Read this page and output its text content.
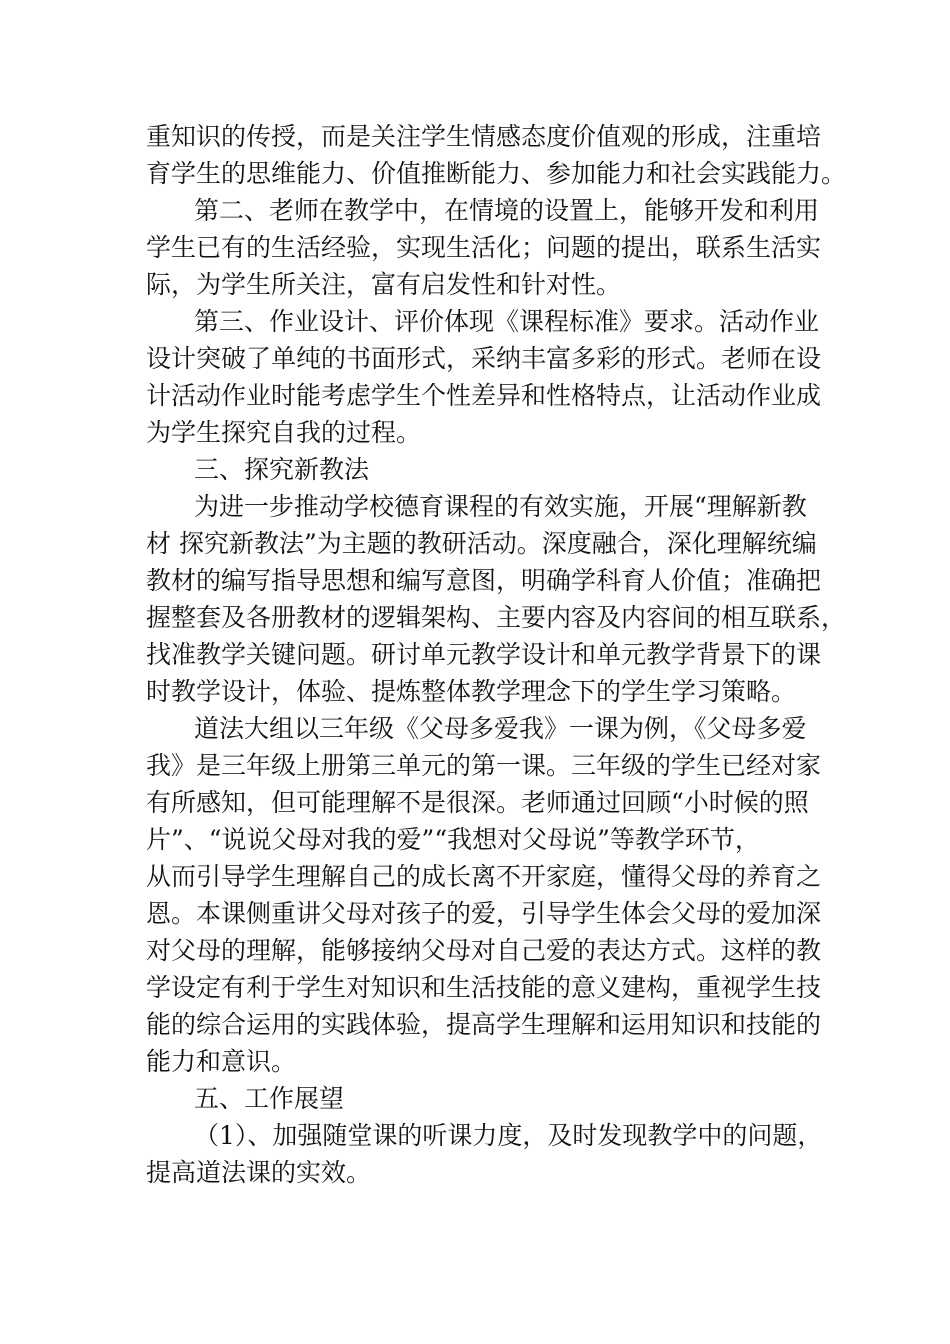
重知识的传授，而是关注学生情感态度价值观的形成，注重培
育学生的思维能力、价值推断能力、参加能力和社会实践能力。
第二、老师在教学中，在情境的设置上，能够开发和利用
学生已有的生活经验，实现生活化；问题的提出，联系生活实
际，为学生所关注，富有启发性和针对性。
第三、作业设计、评价体现《课程标准》要求。活动作业
设计突破了单纯的书面形式，采纳丰富多彩的形式。老师在设
计活动作业时能考虑学生个性差异和性格特点，让活动作业成
为学生探究自我的过程。
三、探究新教法
为进一步推动学校德育课程的有效实施，开展“理解新教
材 探究新教法”为主题的教研活动。深度融合，深化理解统编
教材的编写指导思想和编写意图，明确学科育人价值；准确把
握整套及各册教材的逻辑架构、主要内容及内容间的相互联系，
找准教学关键问题。研讨单元教学设计和单元教学背景下的课
时教学设计，体验、提炼整体教学理念下的学生学习策略。
道法大组以三年级《父母多爱我》一课为例，《父母多爱
我》是三年级上册第三单元的第一课。三年级的学生已经对家
有所感知，但可能理解不是很深。老师通过回顾“小时候的照
片”、“说说父母对我的爱”“我想对父母说”等教学环节，
从而引导学生理解自己的成长离不开家庭，懂得父母的养育之
恩。本课侧重讲父母对孩子的爱，引导学生体会父母的爱加深
对父母的理解，能够接纳父母对自己爱的表达方式。这样的教
学设定有利于学生对知识和生活技能的意义建构，重视学生技
能的综合运用的实践体验，提高学生理解和运用知识和技能的
能力和意识。
五、工作展望
（1）、加强随堂课的听课力度，及时发现教学中的问题，
提高道法课的实效。
